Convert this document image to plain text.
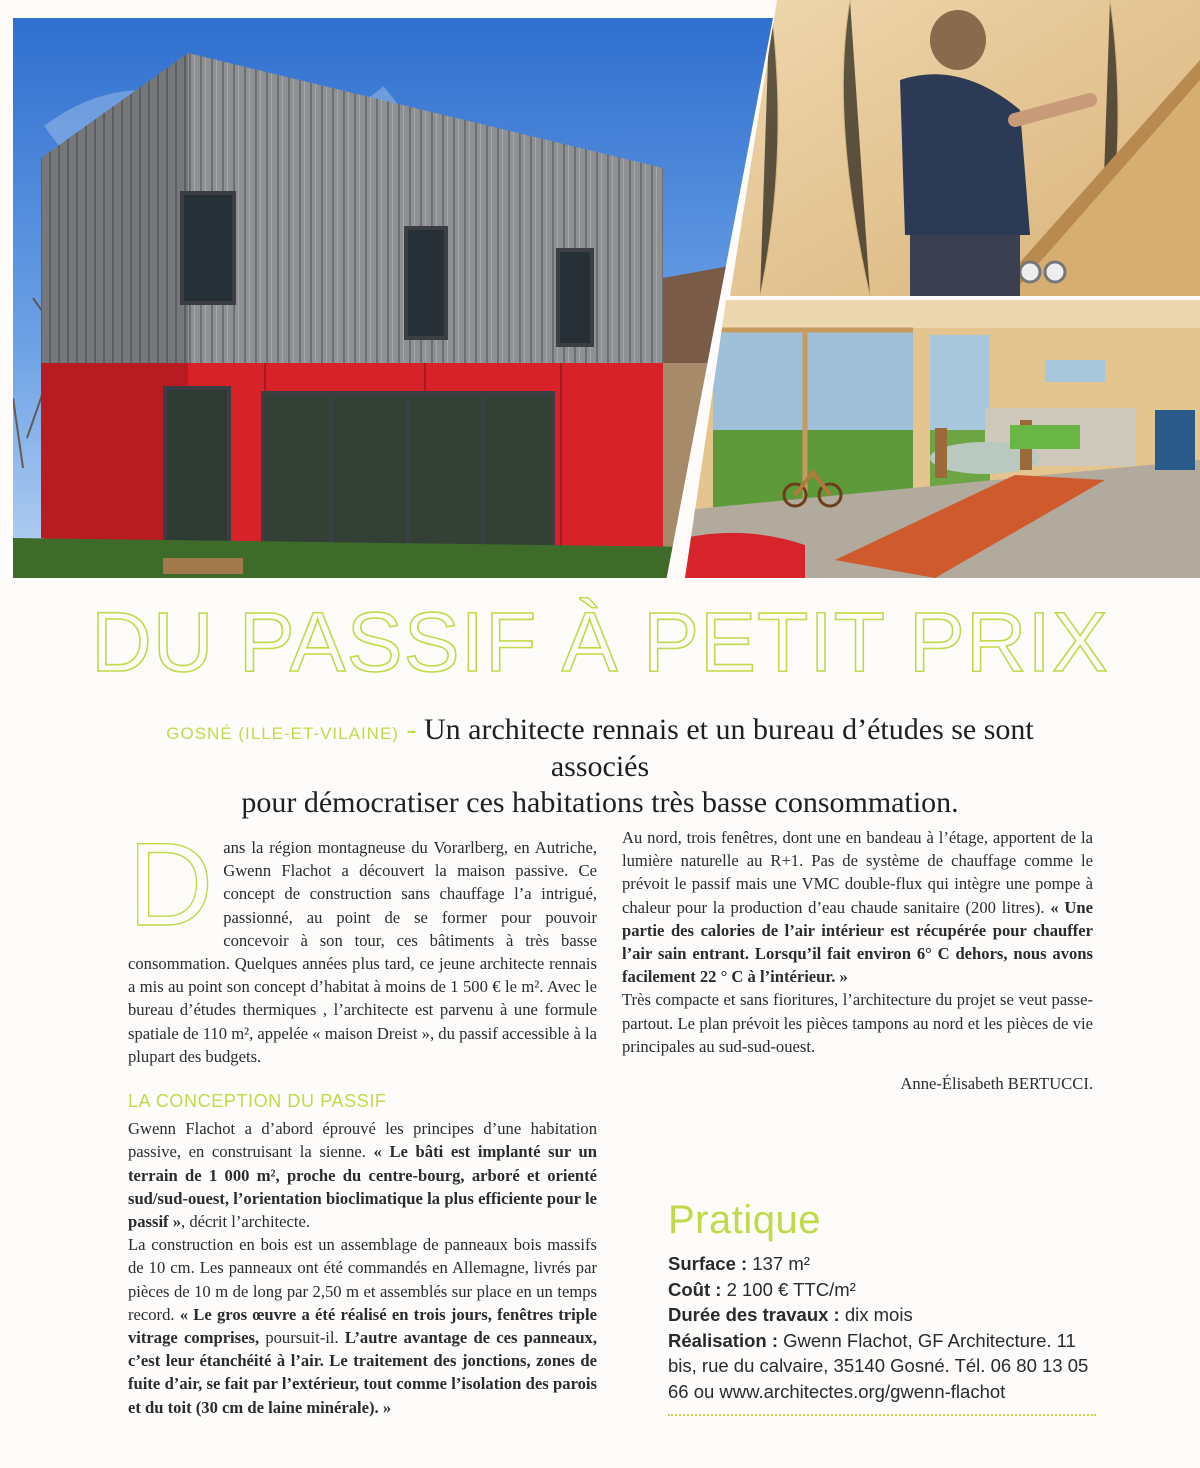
DU PASSIF À PETIT PRIX
GOSNÉ (ILLE-ET-VILAINE) - Un architecte rennais et un bureau d’études se sont associés
pour démocratiser ces habitations très basse consommation.

Dans la région montagneuse du Vorarlberg, en Autriche, Gwenn Flachot a découvert la maison passive. Ce concept de construction sans chauffage l’a intrigué, passionné, au point de se former pour pouvoir concevoir à son tour, ces bâtiments à très basse consommation. Quelques années plus tard, ce jeune architecte rennais a mis au point son concept d’habitat à moins de 1 500 € le m². Avec le bureau d’études thermiques , l’architecte est parvenu à une formule spatiale de 110 m², appelée « maison Dreist », du passif accessible à la plupart des budgets.

LA CONCEPTION DU PASSIF

Gwenn Flachot a d’abord éprouvé les principes d’une habitation passive, en construisant la sienne. « Le bâti est implanté sur un terrain de 1 000 m², proche du centre-bourg, arboré et orienté sud/sud-ouest, l’orientation bioclimatique la plus efficiente pour le passif », décrit l’architecte.

La construction en bois est un assemblage de panneaux bois massifs de 10 cm. Les panneaux ont été commandés en Allemagne, livrés par pièces de 10 m de long par 2,50 m et assemblés sur place en un temps record. « Le gros œuvre a été réalisé en trois jours, fenêtres triple vitrage comprises, poursuit-il. L’autre avantage de ces panneaux, c’est leur étanchéité à l’air. Le traitement des jonctions, zones de fuite d’air, se fait par l’extérieur, tout comme l’isolation des parois et du toit (30 cm de laine minérale). »

Au nord, trois fenêtres, dont une en bandeau à l’étage, apportent de la lumière naturelle au R+1. Pas de système de chauffage comme le prévoit le passif mais une VMC double-flux qui intègre une pompe à chaleur pour la production d’eau chaude sanitaire (200 litres). « Une partie des calories de l’air intérieur est récupérée pour chauffer l’air sain entrant. Lorsqu’il fait environ 6° C dehors, nous avons facilement 22 ° C à l’intérieur. »

Très compacte et sans fioritures, l’architecture du projet se veut passe-partout. Le plan prévoit les pièces tampons au nord et les pièces de vie principales au sud-sud-ouest.

Anne-Élisabeth BERTUCCI.

Pratique
Surface : 137 m²
Coût : 2 100 € TTC/m²
Durée des travaux : dix mois
Réalisation : Gwenn Flachot, GF Architecture. 11 bis, rue du calvaire, 35140 Gosné. Tél. 06 80 13 05 66 ou www.architectes.org/gwenn-flachot
